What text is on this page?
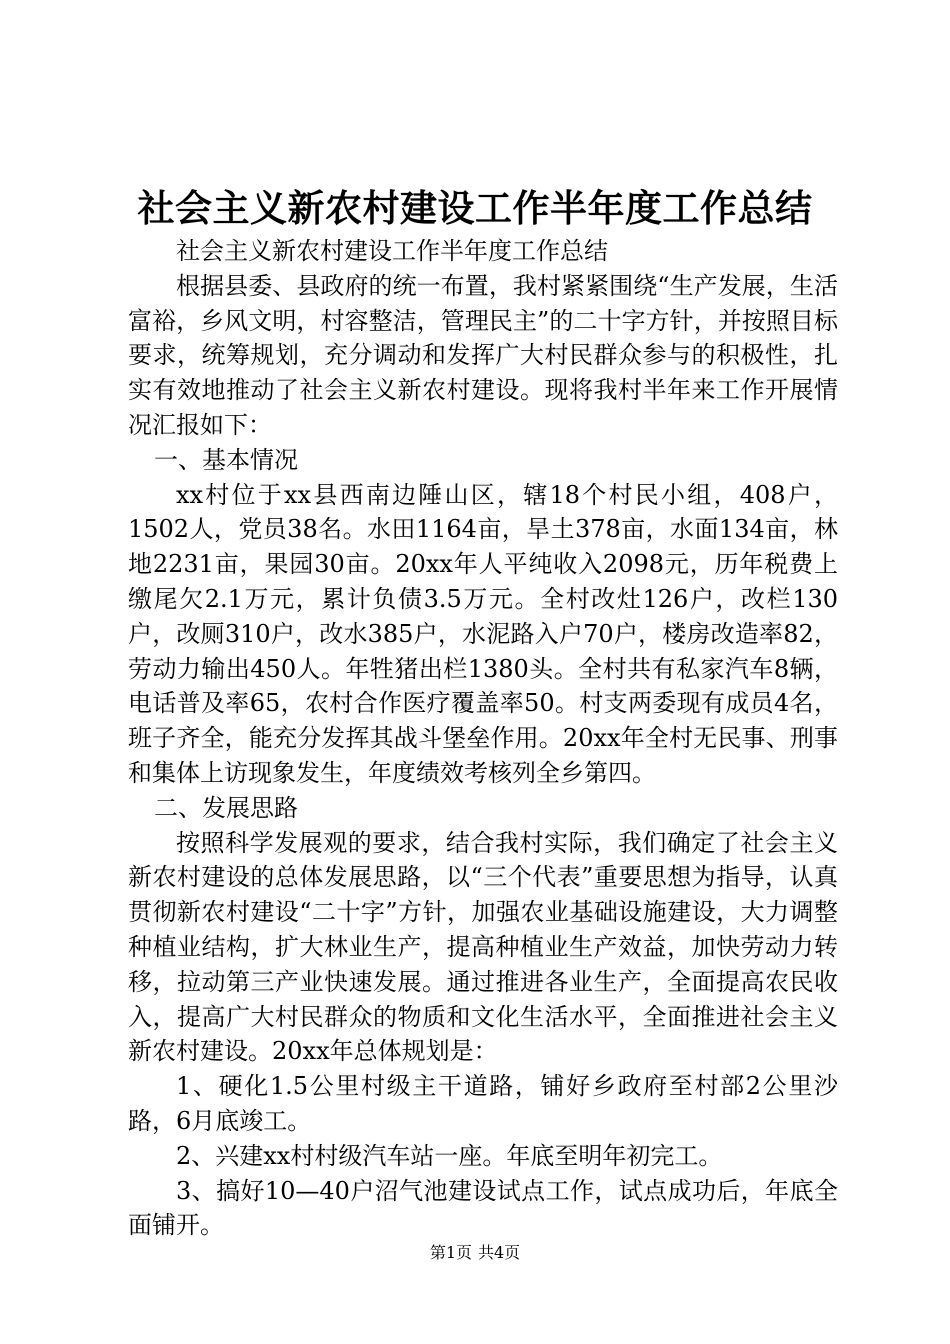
社会主义新农村建设工作半年度工作总结

社会主义新农村建设工作半年度工作总结

根据县委、县政府的统一布置，我村紧紧围绕“生产发展，生活富裕，乡风文明，村容整洁，管理民主”的二十字方针，并按照目标要求，统筹规划，充分调动和发挥广大村民群众参与的积极性，扎实有效地推动了社会主义新农村建设。现将我村半年来工作开展情况汇报如下：

一、基本情况

xx村位于xx县西南边陲山区，辖18个村民小组，408户，1502人，党员38名。水田1164亩，旱土378亩，水面134亩，林地2231亩，果园30亩。20xx年人平纯收入2098元，历年税费上缴尾欠2.1万元，累计负债3.5万元。全村改灶126户，改栏130户，改厕310户，改水385户，水泥路入户70户，楼房改造率82，劳动力输出450人。年牲猪出栏1380头。全村共有私家汽车8辆，电话普及率65，农村合作医疗覆盖率50。村支两委现有成员4名，班子齐全，能充分发挥其战斗堡垒作用。20xx年全村无民事、刑事和集体上访现象发生，年度绩效考核列全乡第四。

二、发展思路

按照科学发展观的要求，结合我村实际，我们确定了社会主义新农村建设的总体发展思路，以“三个代表”重要思想为指导，认真贯彻新农村建设“二十字”方针，加强农业基础设施建设，大力调整种植业结构，扩大林业生产，提高种植业生产效益，加快劳动力转移，拉动第三产业快速发展。通过推进各业生产，全面提高农民收入，提高广大村民群众的物质和文化生活水平，全面推进社会主义新农村建设。20xx年总体规划是：

1、硬化1.5公里村级主干道路，铺好乡政府至村部2公里沙路，6月底竣工。

2、兴建xx村村级汽车站一座。年底至明年初完工。

3、搞好10—40户沼气池建设试点工作，试点成功后，年底全面铺开。

第1页 共4页
